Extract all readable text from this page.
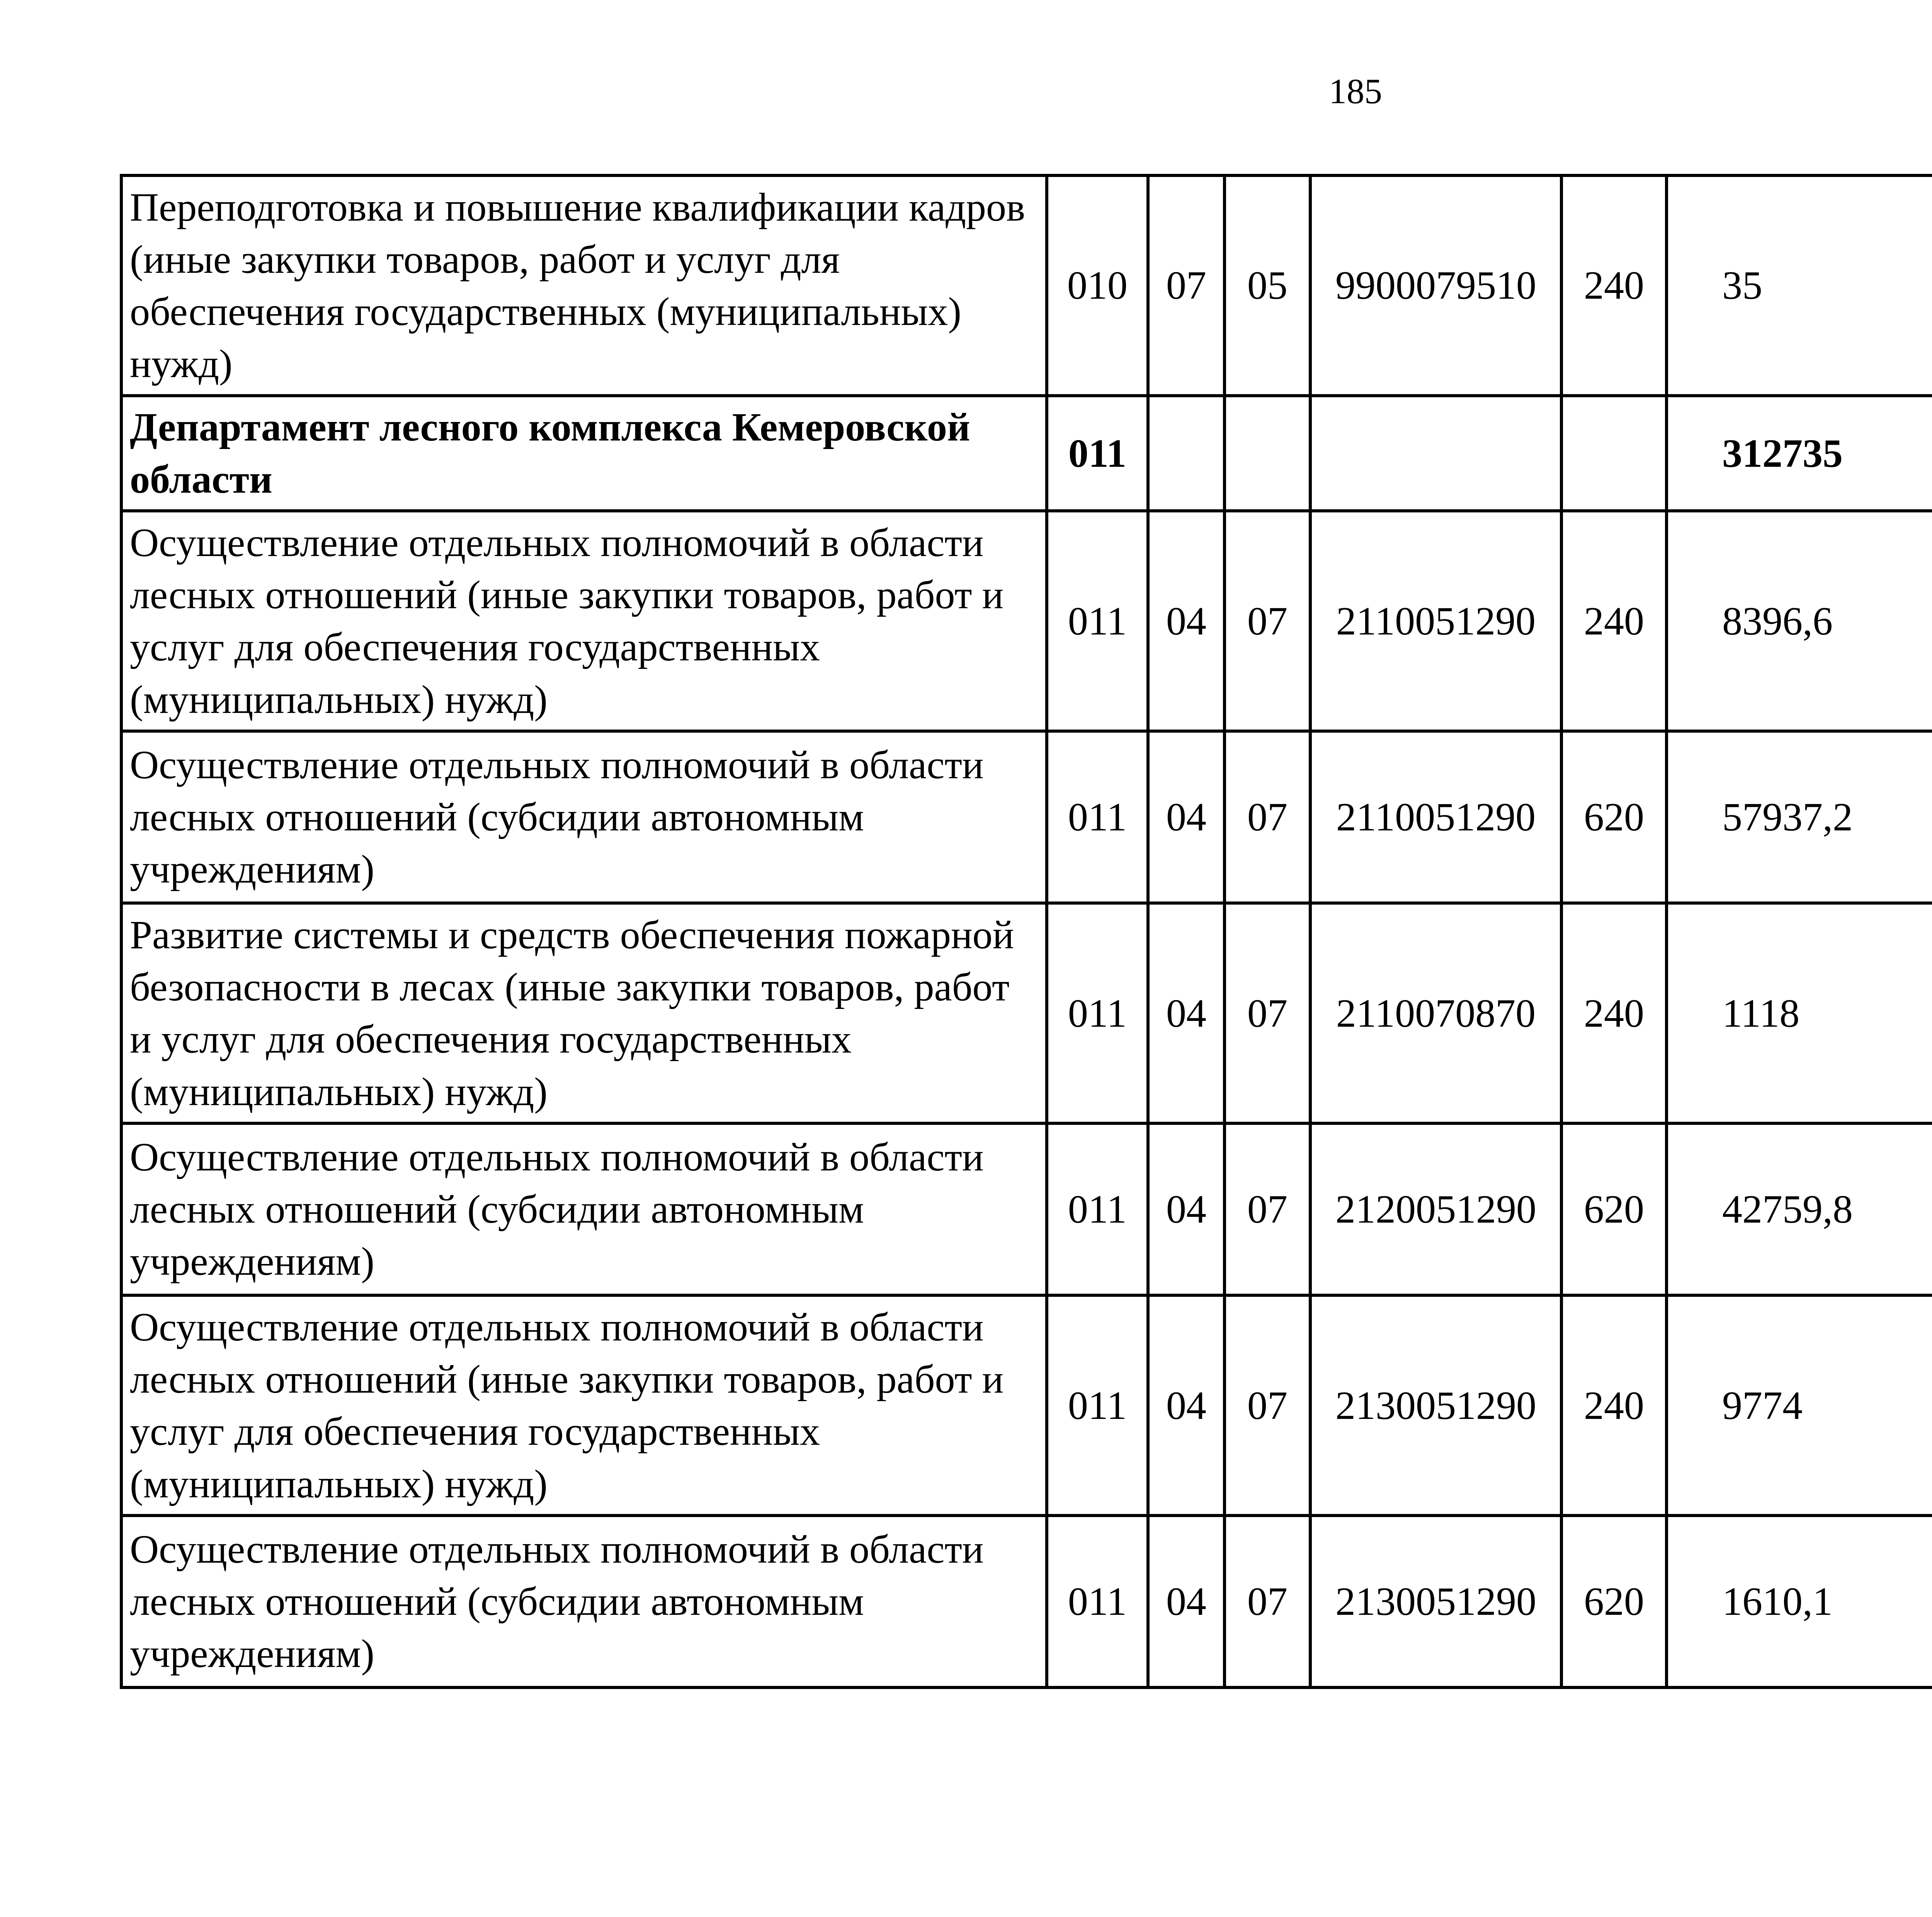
185
Переподготовка и повышение квалификации кадров (иные закупки товаров, работ и услуг для обеспечения государственных (муниципальных) нужд)	010	07	05	9900079510	240	35		
Департамент лесного комплекса Кемеровской области	011					312735		
Осуществление отдельных полномочий в области лесных отношений (иные закупки товаров, работ и услуг для обеспечения государственных (муниципальных) нужд)	011	04	07	2110051290	240	8396,6		
Осуществление отдельных полномочий в области лесных отношений (субсидии автономным учреждениям)	011	04	07	2110051290	620	57937,2		
Развитие системы и средств обеспечения пожарной безопасности в лесах (иные закупки товаров, работ и услуг для обеспечения государственных (муниципальных) нужд)	011	04	07	2110070870	240	1118		
Осуществление отдельных полномочий в области лесных отношений (субсидии автономным учреждениям)	011	04	07	2120051290	620	42759,8		
Осуществление отдельных полномочий в области лесных отношений (иные закупки товаров, работ и услуг для обеспечения государственных (муниципальных) нужд)	011	04	07	2130051290	240	9774		
Осуществление отдельных полномочий в области лесных отношений (субсидии автономным учреждениям)	011	04	07	2130051290	620	1610,1		
